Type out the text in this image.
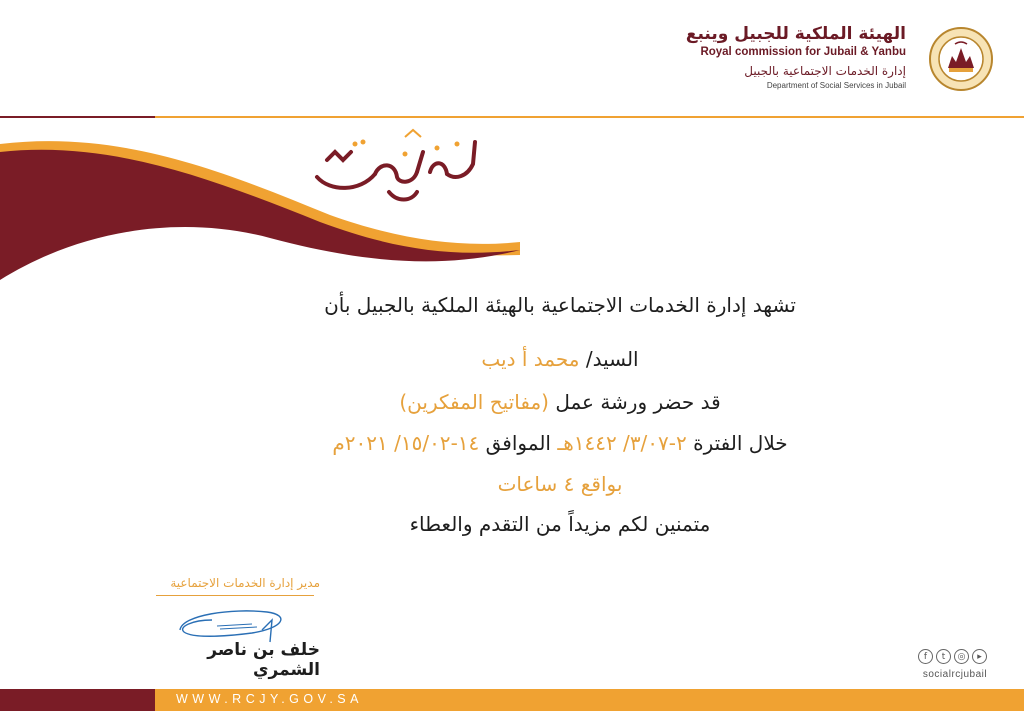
الهيئة الملكية للجبيل وينبع
Royal commission for Jubail & Yanbu
إدارة الخدمات الاجتماعية بالجبيل
Department of Social Services in Jubail
تشهد إدارة الخدمات الاجتماعية بالهيئة الملكية بالجبيل بأن
السيد/ محمد أ ديب
قد حضر ورشة عمل (مفاتيح المفكرين)
خلال الفترة ٢-٣/٠٧/ ١٤٤٢هـ الموافق ١٤-١٥/٠٢/ ٢٠٢١م
بواقع ٤ ساعات
متمنين لكم مزيداً من التقدم والعطاء
مدير إدارة الخدمات الاجتماعية
خلف بن ناصر الشمري
f	t	◎	▸
socialrcjubail
WWW.RCJY.GOV.SA
